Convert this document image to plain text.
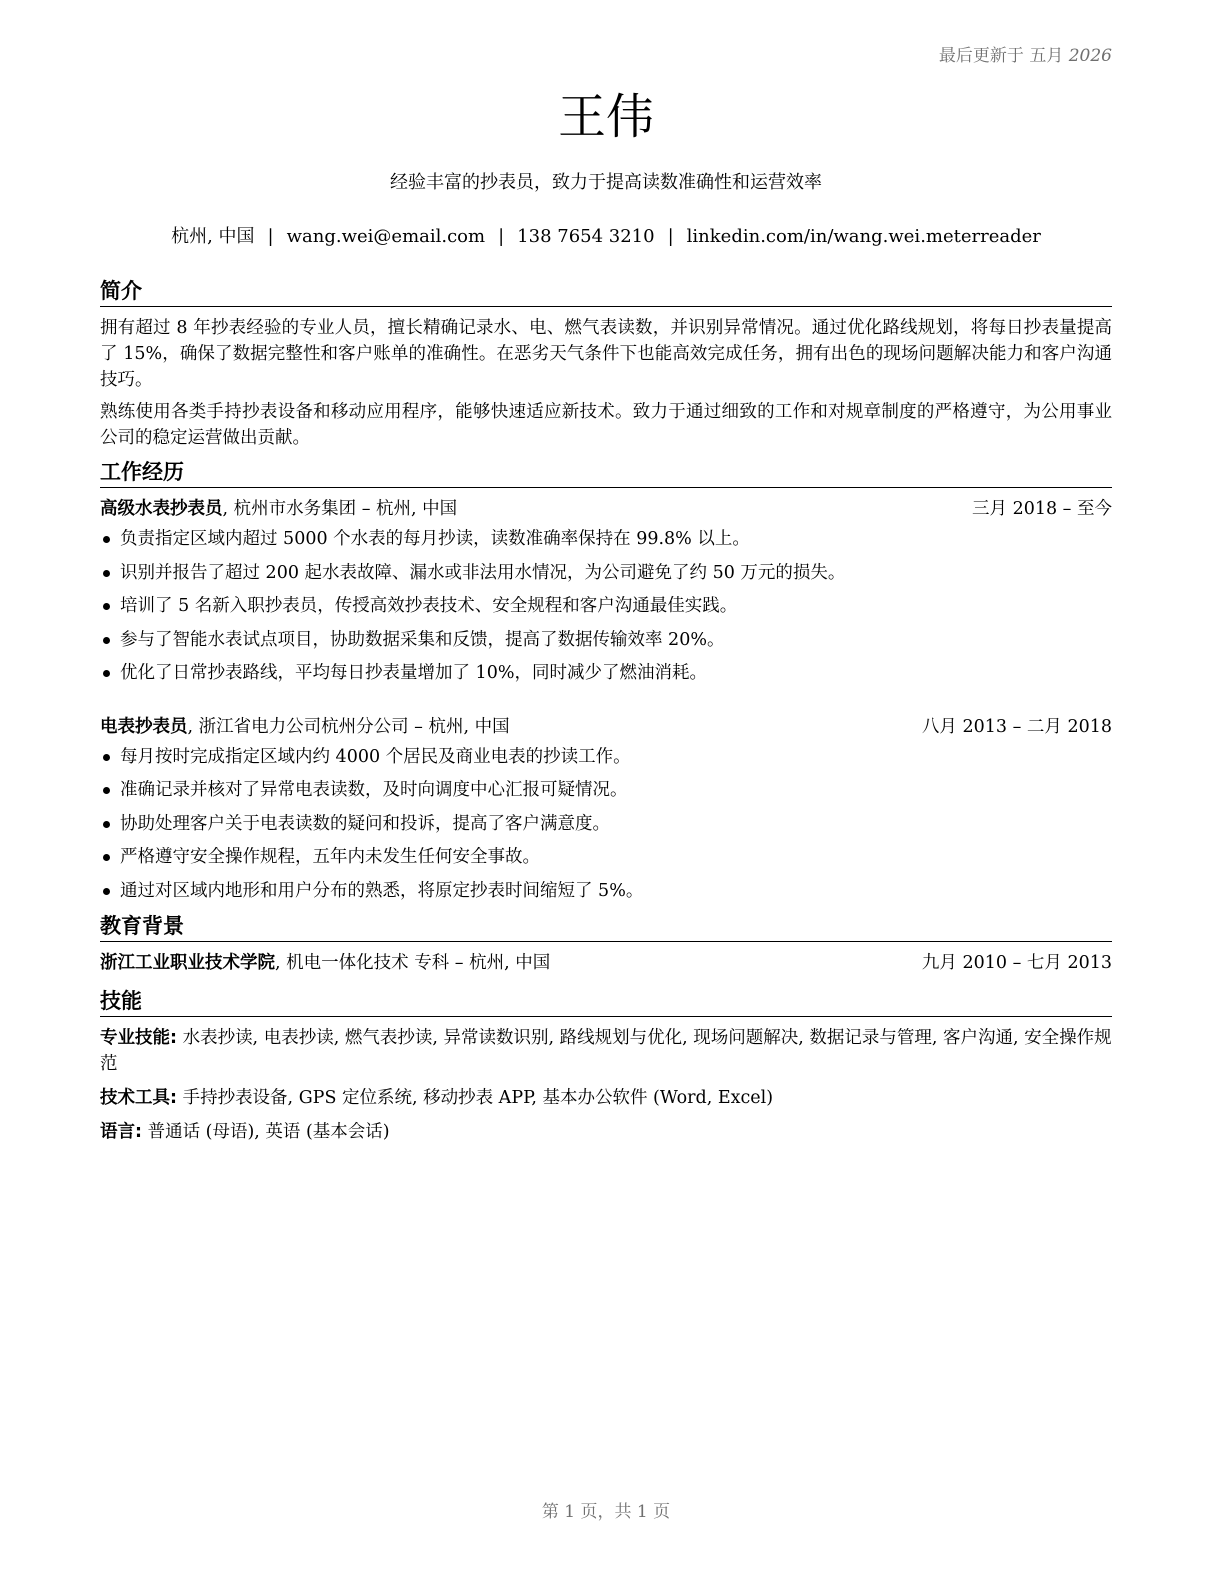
最后更新于 五月 2026
王伟
经验丰富的抄表员，致力于提高读数准确性和运营效率
杭州, 中国 | wang.wei@email.com | 138 7654 3210 | linkedin.com/in/wang.wei.meterreader
简介

拥有超过 8 年抄表经验的专业人员，擅长精确记录水、电、燃气表读数，并识别异常情况。通过优化路线规划，将每日抄表量提高了 15%，确保了数据完整性和客户账单的准确性。在恶劣天气条件下也能高效完成任务，拥有出色的现场问题解决能力和客户沟通技巧。

熟练使用各类手持抄表设备和移动应用程序，能够快速适应新技术。致力于通过细致的工作和对规章制度的严格遵守，为公用事业公司的稳定运营做出贡献。

工作经历
高级水表抄表员, 杭州市水务集团 – 杭州, 中国	三月 2018 – 至今
负责指定区域内超过 5000 个水表的每月抄读，读数准确率保持在 99.8% 以上。
识别并报告了超过 200 起水表故障、漏水或非法用水情况，为公司避免了约 50 万元的损失。
培训了 5 名新入职抄表员，传授高效抄表技术、安全规程和客户沟通最佳实践。
参与了智能水表试点项目，协助数据采集和反馈，提高了数据传输效率 20%。
优化了日常抄表路线，平均每日抄表量增加了 10%，同时减少了燃油消耗。
电表抄表员, 浙江省电力公司杭州分公司 – 杭州, 中国	八月 2013 – 二月 2018
每月按时完成指定区域内约 4000 个居民及商业电表的抄读工作。
准确记录并核对了异常电表读数，及时向调度中心汇报可疑情况。
协助处理客户关于电表读数的疑问和投诉，提高了客户满意度。
严格遵守安全操作规程，五年内未发生任何安全事故。
通过对区域内地形和用户分布的熟悉，将原定抄表时间缩短了 5%。
教育背景
浙江工业职业技术学院, 机电一体化技术 专科 – 杭州, 中国	九月 2010 – 七月 2013
技能

专业技能: 水表抄读, 电表抄读, 燃气表抄读, 异常读数识别, 路线规划与优化, 现场问题解决, 数据记录与管理, 客户沟通, 安全操作规范

技术工具: 手持抄表设备, GPS 定位系统, 移动抄表 APP, 基本办公软件 (Word, Excel)

语言: 普通话 (母语), 英语 (基本会话)

第 1 页，共 1 页
